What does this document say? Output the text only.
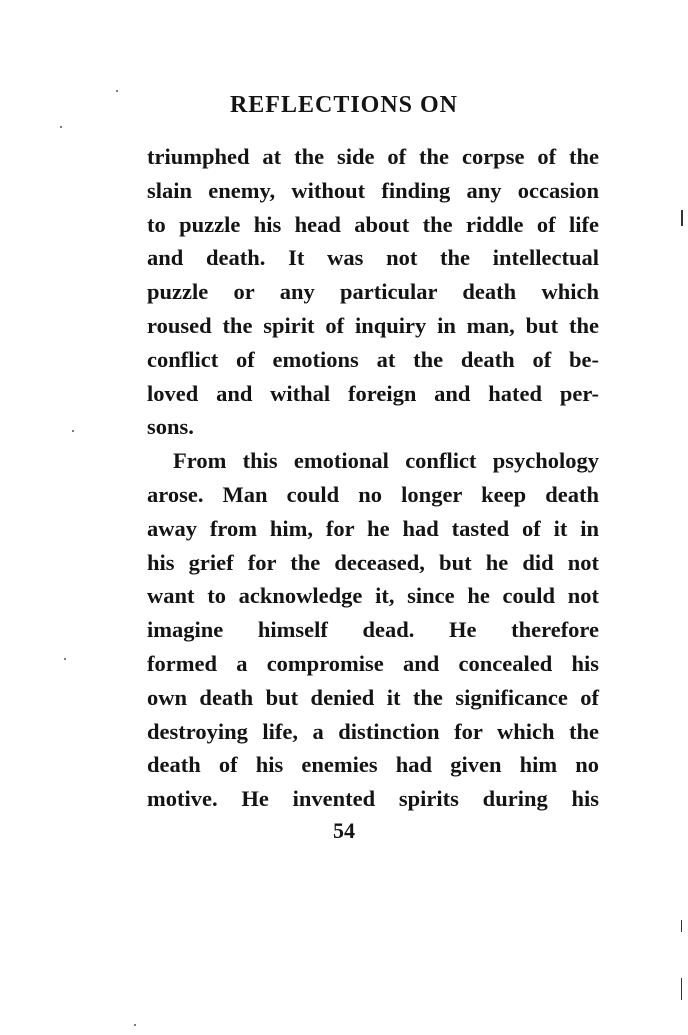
REFLECTIONS ON
triumphed at the side of the corpse of the
slain enemy, without finding any occasion
to puzzle his head about the riddle of life
and death. It was not the intellectual
puzzle or any particular death which
roused the spirit of inquiry in man, but the
conflict of emotions at the death of be-
loved and withal foreign and hated per-
sons.
From this emotional conflict psychology
arose. Man could no longer keep death
away from him, for he had tasted of it in
his grief for the deceased, but he did not
want to acknowledge it, since he could not
imagine himself dead. He therefore
formed a compromise and concealed his
own death but denied it the significance of
destroying life, a distinction for which the
death of his enemies had given him no
motive. He invented spirits during his
54
